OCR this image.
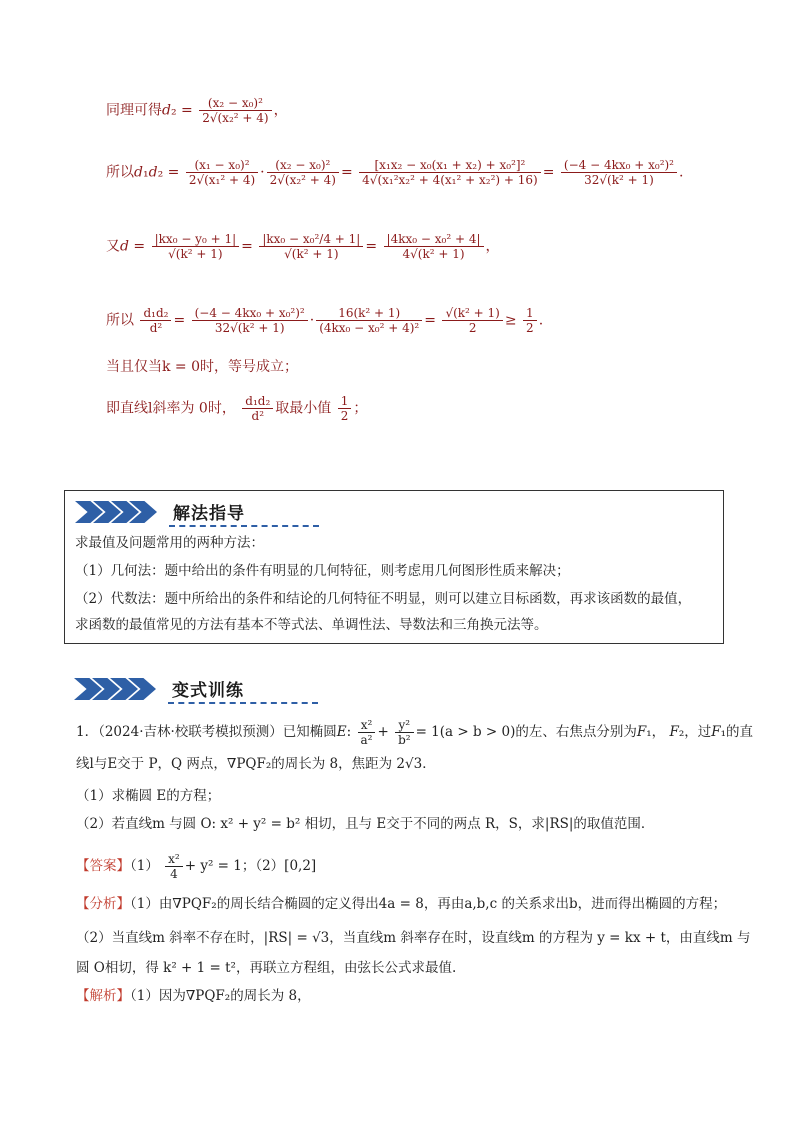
同理可得$d_2 = \frac{\text{(x₂ − x₀)²}}{\text{2√(x₂² + 4)}}$ ，
所以$d_1d_2 = \frac{\text{(x₁ − x₀)²}}{\text{2√(x₁² + 4)}} \cdot \frac{\text{(x₂ − x₀)²}}{\text{2√(x₂² + 4)}} = \frac{\text{[x₁x₂ − x₀(x₁ + x₂) + x₀²]²}}{\text{4√(x₁²x₂² + 4(x₁² + x₂²) + 16)}} = \frac{\text{(−4 − 4kx₀ + x₀²)²}}{\text{32√(k² + 1)}}$ .
又$d = \frac{\text{|kx₀ − y₀ + 1|}}{\text{√(k² + 1)}} = \frac{\text{|kx₀ − x₀²/4 + 1|}}{\text{√(k² + 1)}} = \frac{\text{|4kx₀ − x₀² + 4|}}{\text{4√(k² + 1)}}$ ，
所以 $\frac{\text{d₁d₂}}{\text{d²}} = \frac{\text{(−4 − 4kx₀ + x₀²)²}}{\text{32√(k² + 1)}} \cdot \frac{\text{16(k² + 1)}}{\text{(4kx₀ − x₀² + 4)²}} = \frac{\text{√(k² + 1)}}{2} \ge \frac{1}{2}$ .
当且仅当k = 0时，等号成立；
即直线l斜率为 0时， $\frac{\text{d₁d₂}}{\text{d²}}$ 取最小值 $\frac{1}{2}$ ；
解法指导
求最值及问题常用的两种方法：
（1）几何法：题中给出的条件有明显的几何特征，则考虑用几何图形性质来解决；
（2）代数法：题中所给出的条件和结论的几何特征不明显，则可以建立目标函数，再求该函数的最值，
求函数的最值常见的方法有基本不等式法、单调性法、导数法和三角换元法等。
变式训练
1．（2024·吉林·校联考模拟预测）已知椭圆E: $\frac{\text{x²}}{\text{a²}} + \frac{\text{y²}}{\text{b²}} = 1(a > b > 0)$的左、右焦点分别为F₁， F₂，过F₁的直
线l与E交于 P，Q 两点，∇PQF₂的周长为 8，焦距为 2√3．
（1）求椭圆 E的方程；
（2）若直线m 与圆 O: x² + y² = b² 相切，且与 E交于不同的两点 R，S，求|RS|的取值范围．
【答案】$(1) \frac{\text{x²}}{4} + y^2 = 1$；（2）[0,2]
【分析】（1）由∇PQF₂的周长结合椭圆的定义得出4a = 8，再由a,b,c 的关系求出b，进而得出椭圆的方程；
（2）当直线m 斜率不存在时，|RS| = √3，当直线m 斜率存在时，设直线m 的方程为 y = kx + t，由直线m 与
圆 O相切，得 k² + 1 = t²，再联立方程组，由弦长公式求最值.
【解析】（1）因为∇PQF₂的周长为 8，
